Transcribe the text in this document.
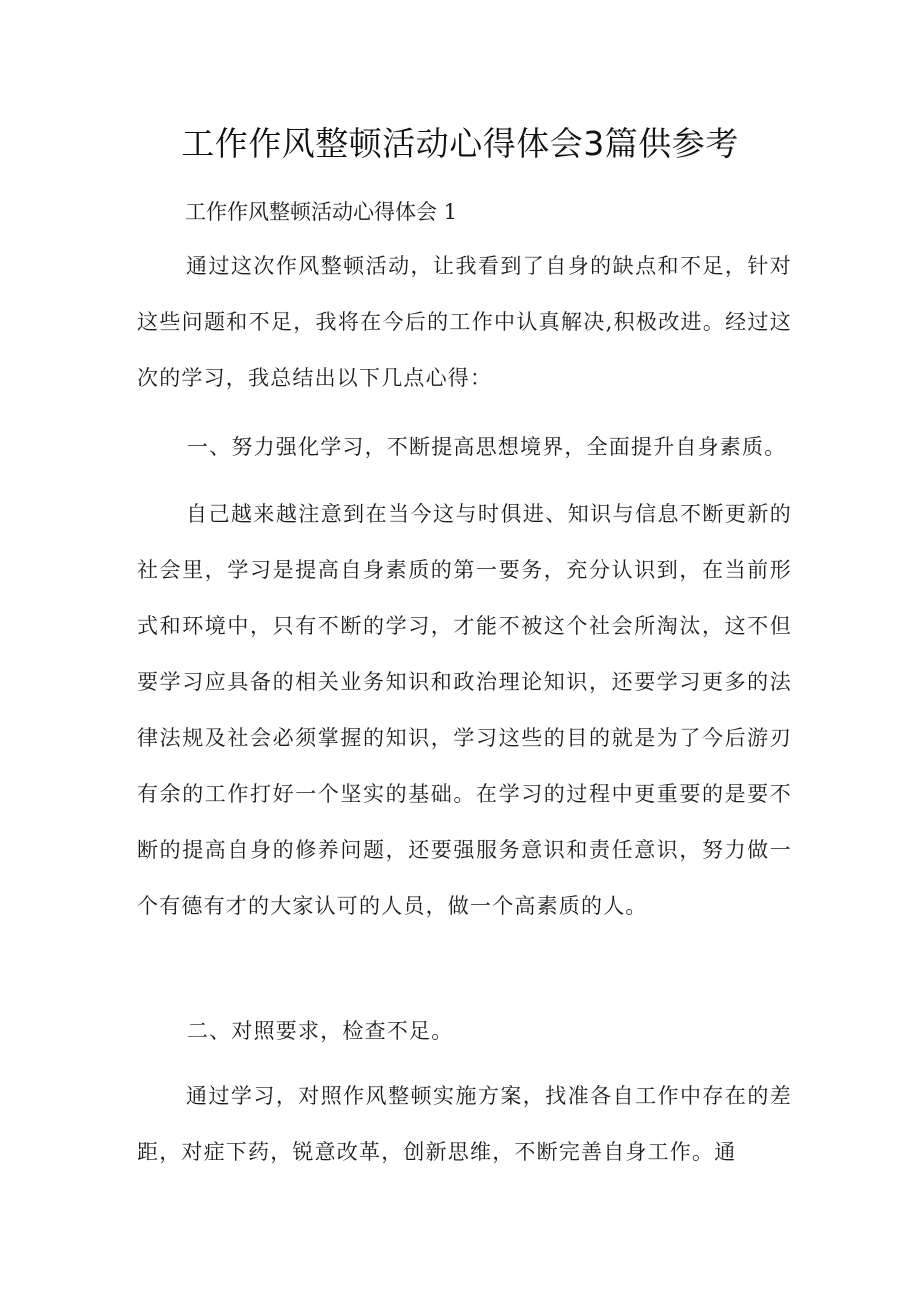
工作作风整顿活动心得体会3篇供参考

工作作风整顿活动心得体会 1

通过这次作风整顿活动，让我看到了自身的缺点和不足，针对这些问题和不足，我将在今后的工作中认真解决,积极改进。经过这次的学习，我总结出以下几点心得：

一、努力强化学习，不断提高思想境界，全面提升自身素质。

自己越来越注意到在当今这与时俱进、知识与信息不断更新的社会里，学习是提高自身素质的第一要务，充分认识到，在当前形式和环境中，只有不断的学习，才能不被这个社会所淘汰，这不但要学习应具备的相关业务知识和政治理论知识，还要学习更多的法律法规及社会必须掌握的知识，学习这些的目的就是为了今后游刃有余的工作打好一个坚实的基础。在学习的过程中更重要的是要不断的提高自身的修养问题，还要强服务意识和责任意识，努力做一个有德有才的大家认可的人员，做一个高素质的人。

二、对照要求，检查不足。

通过学习，对照作风整顿实施方案，找准各自工作中存在的差距，对症下药，锐意改革，创新思维，不断完善自身工作。通
